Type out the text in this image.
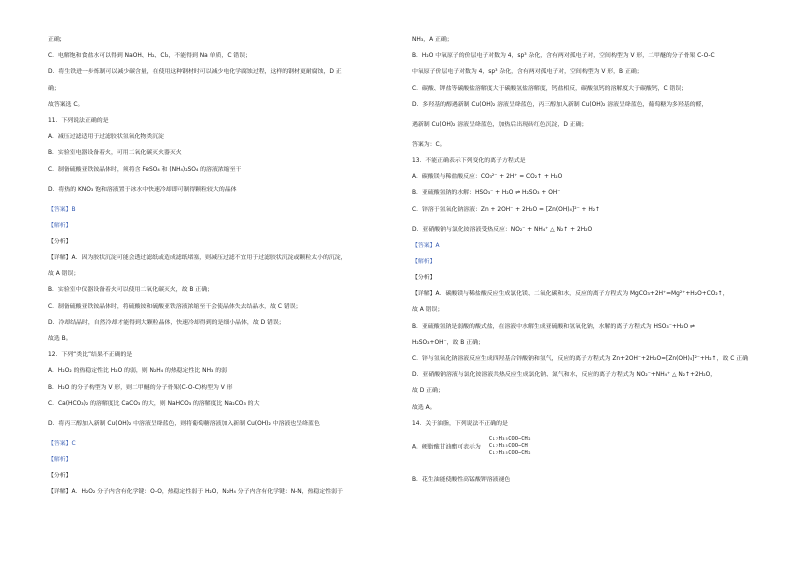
正确;
C．电解饱和食盐水可以得到 NaOH、H₂、Cl₂，不能得到 Na 单质，C 错误；
D．将生铁进一步炼制可以减少碳含量，在使用这种钢材时可以减少电化学腐蚀过程，这样的钢材更耐腐蚀，D 正
确；
故答案选 C。
11．下列说法正确的是
A．减压过滤适用于过滤胶状氢氧化物类沉淀
B．实验室电器设备着火，可用二氧化碳灭火器灭火
C．制备硫酸亚铁铵晶体时，须将含 FeSO₄ 和 (NH₄)₂SO₄ 的溶液浓缩至干
D．将热的 KNO₃ 饱和溶液置于冰水中快速冷却即可制得颗粒较大的晶体
【答案】B
【解析】
【分析】
【详解】A．因为胶状沉淀可能会透过滤纸或造成滤纸堵塞，则减压过滤不宜用于过滤胶状沉淀或颗粒太小的沉淀，
故 A 错误；
B．实验室中仪器设备着火可以使用二氧化碳灭火，故 B 正确；
C．制备硫酸亚铁铵晶体时，将硫酸铵和硫酸亚铁溶液浓缩至干会使晶体失去结晶水，故 C 错误；
D．冷却结晶时，自然冷却才能得到大颗粒晶体，快速冷却得到的是细小晶体，故 D 错误；
故选 B。
12．下列“类比”结果不正确的是
A．H₂O₂ 的热稳定性比 H₂O 的弱，则 N₂H₄ 的热稳定性比 NH₃ 的弱
B．H₂O 的分子构型为 V 形，则二甲醚的分子骨架(C-O-C)构型为 V 形
C．Ca(HCO₃)₂ 的溶解度比 CaCO₃ 的大，则 NaHCO₃ 的溶解度比 Na₂CO₃ 的大
D．将丙三醇加入新制 Cu(OH)₂ 中溶液呈绛蓝色，则将葡萄糖溶液加入新制 Cu(OH)₂ 中溶液也呈绛蓝色
【答案】C
【解析】
【分析】
【详解】A．H₂O₂ 分子内含有化学键：O-O，热稳定性弱于 H₂O，N₂H₄ 分子内含有化学键：N-N，热稳定性弱于
NH₃，A 正确；
B．H₂O 中氧原子的价层电子对数为 4，sp³ 杂化，含有两对孤电子对，空间构型为 V 形，二甲醚的分子骨架 C-O-C
中氧原子价层电子对数为 4，sp³ 杂化，含有两对孤电子对，空间构型为 V 形，B 正确；
C．碳酸、钾盐等碳酸盐溶解度大于碳酸氢盐溶解度，钙盐相反，碳酸氢钙的溶解度大于碳酸钙，C 错误；
D．多羟基的醇遇新制 Cu(OH)₂ 溶液呈绛蓝色，丙三醇加入新制 Cu(OH)₂ 溶液呈绛蓝色，葡萄糖为多羟基的醛，
遇新制 Cu(OH)₂ 溶液呈绛蓝色，加热后出现砖红色沉淀，D 正确；
答案为：C。
13．不能正确表示下列变化的离子方程式是
A．碳酸镁与稀盐酸反应：CO₃²⁻ + 2H⁺ = CO₂↑ + H₂O
B．亚硫酸氢钠的水解：HSO₃⁻ + H₂O ⇌ H₂SO₃ + OH⁻
C．锌溶于氢氧化钠溶液：Zn + 2OH⁻ + 2H₂O = [Zn(OH)₄]²⁻ + H₂↑
D．亚硝酸钠与氯化铵溶液受热反应：NO₂⁻ + NH₄⁺ △ N₂↑ + 2H₂O
【答案】A
【解析】
【分析】
【详解】A．碳酸镁与稀盐酸反应生成氯化镁、二氧化碳和水，反应的离子方程式为 MgCO₃+2H⁺=Mg²⁺+H₂O+CO₂↑，
故 A 错误；
B．亚硫酸氢钠是弱酸的酸式盐，在溶液中水解生成亚硫酸和氢氧化钠，水解的离子方程式为 HSO₃⁻+H₂O ⇌
H₂SO₃+OH⁻，故 B 正确；
C．锌与氢氧化钠溶液反应生成四羟基合锌酸钠和氢气，反应的离子方程式为 Zn+2OH⁻+2H₂O=[Zn(OH)₄]²⁻+H₂↑，故 C 正确
D．亚硝酸钠溶液与氯化铵溶液共热反应生成氯化钠、氮气和水，反应的离子方程式为 NO₂⁻+NH₄⁺ △ N₂↑+2H₂O，
故 D 正确；
故选 A。
14．关于油脂，下列说法不正确的是
A．硬脂酸甘油酯可表示为C₁₇H₃₅COO−CH₂
C₁₇H₃₅COO−CH
C₁₇H₃₅COO−CH₂
B．花生油能使酸性高锰酸钾溶液褪色
